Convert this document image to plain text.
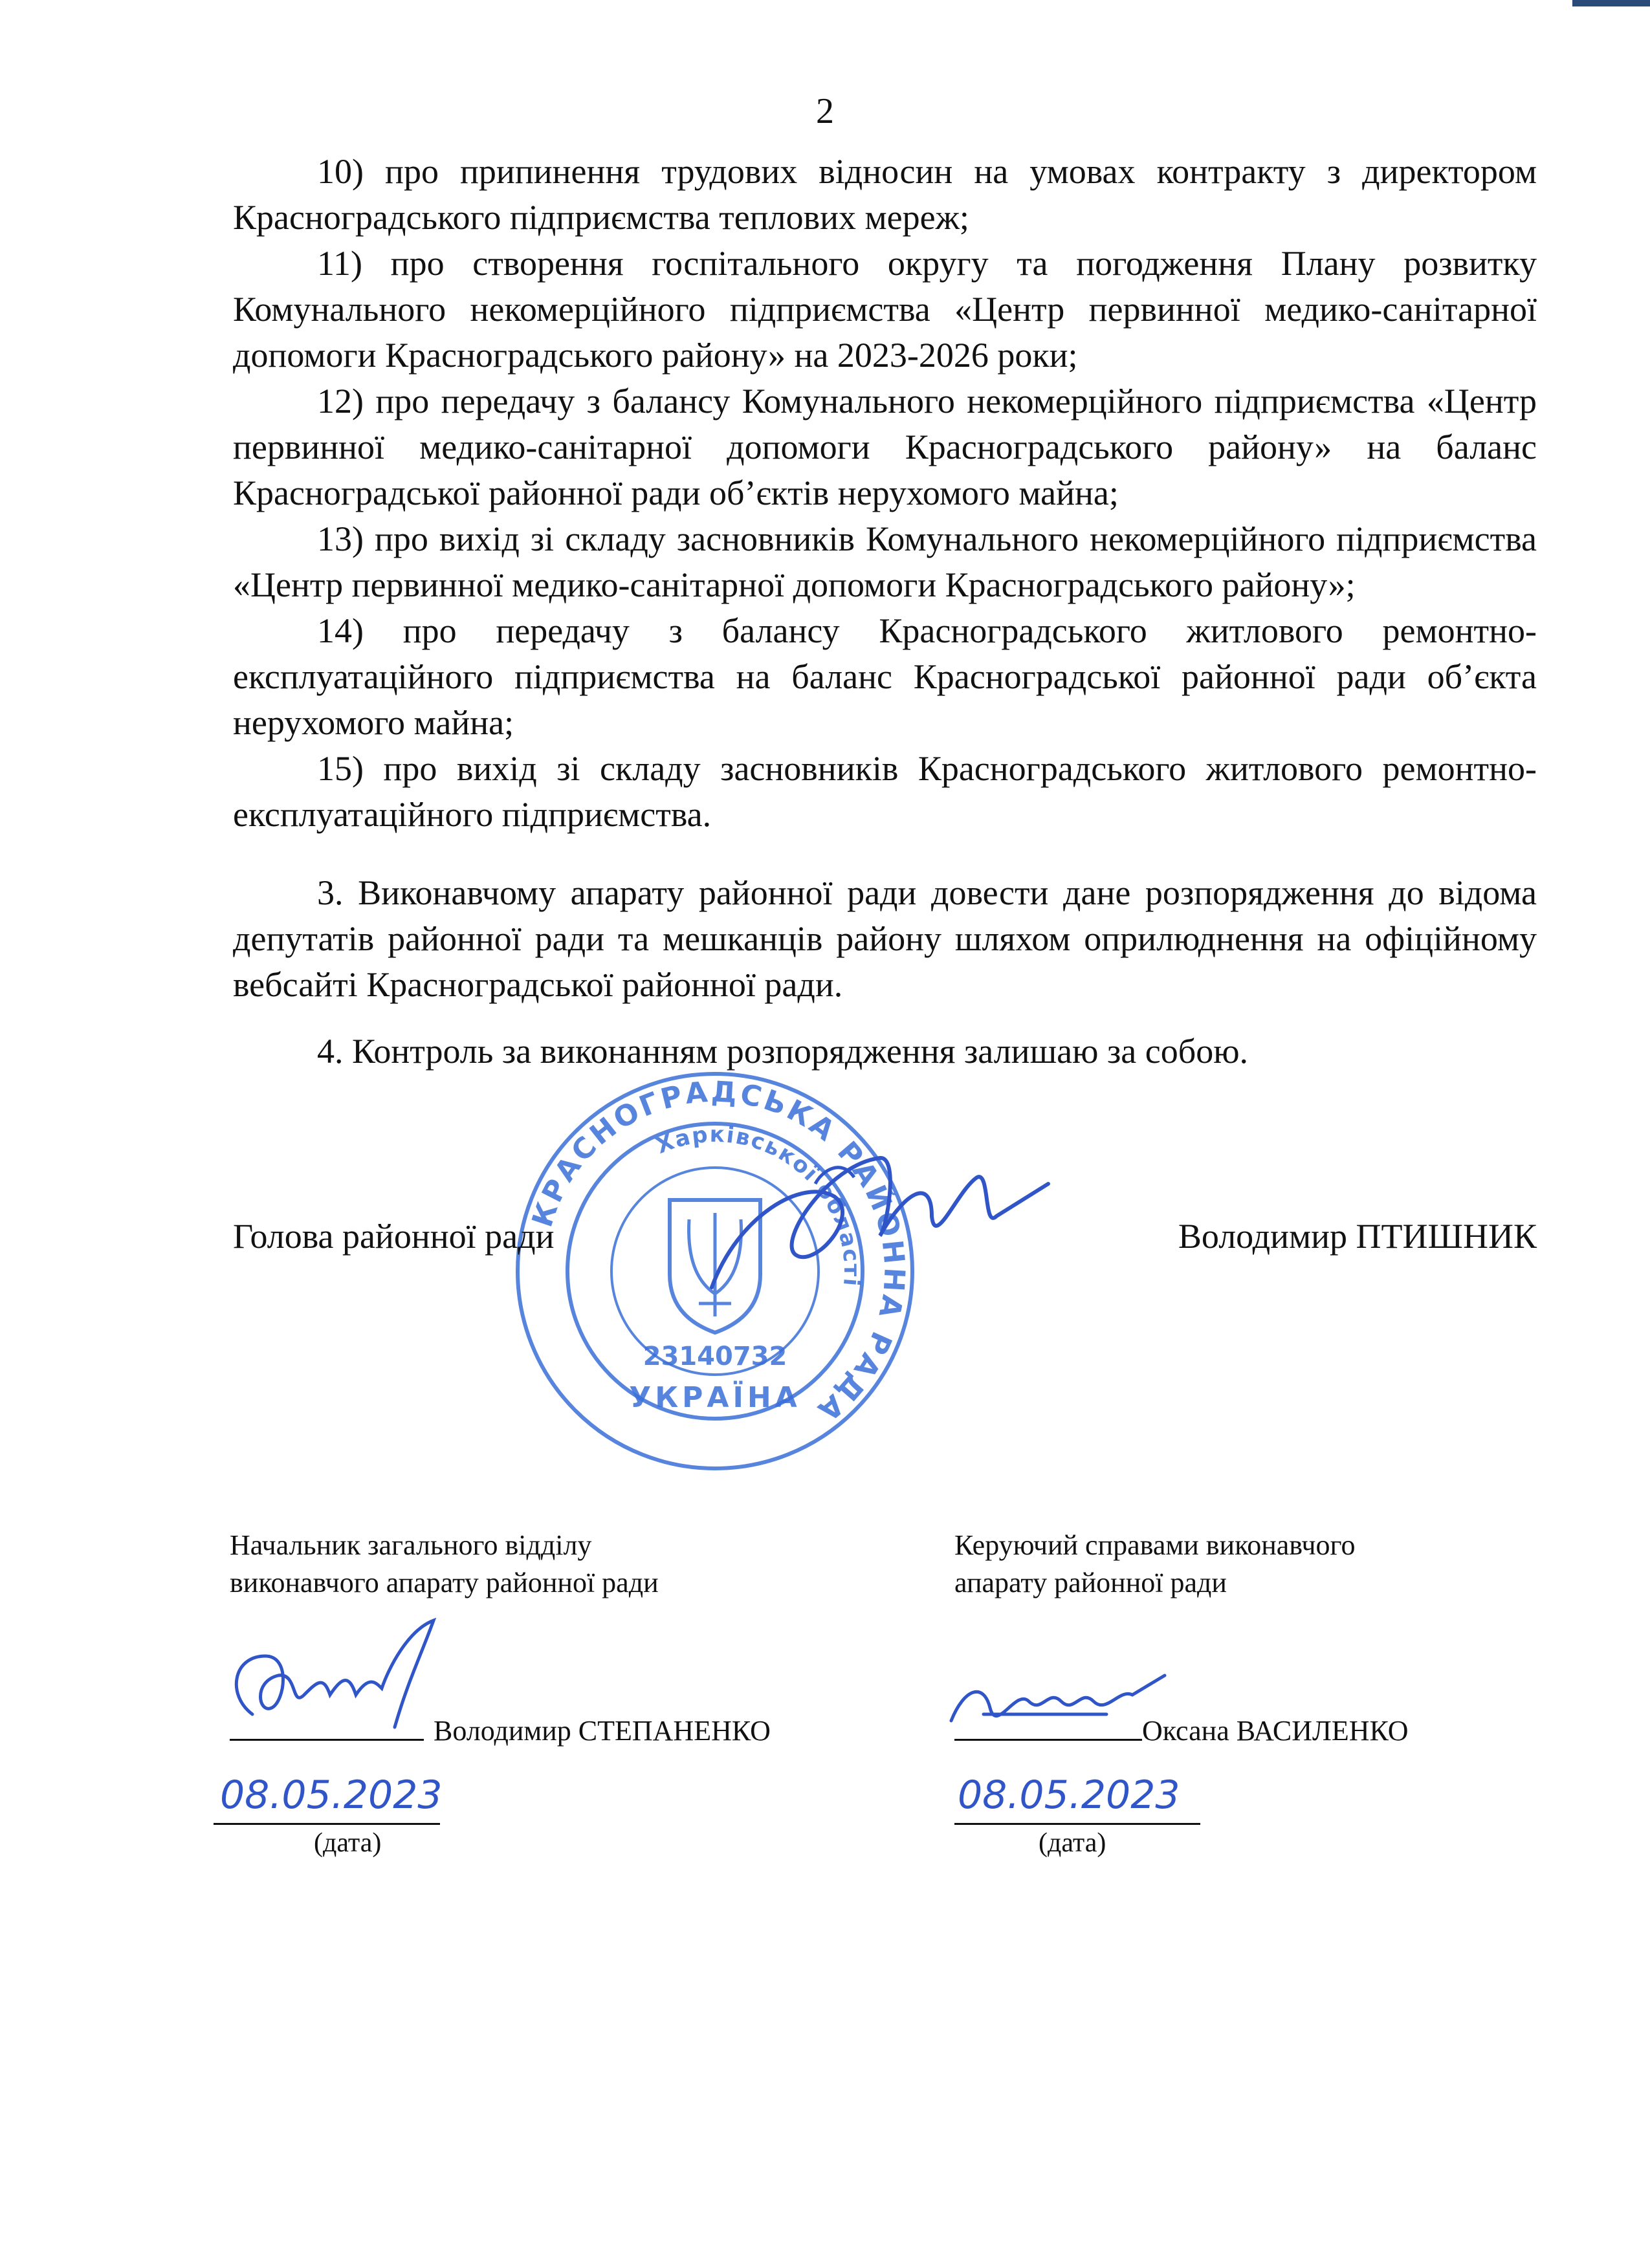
2

10) про припинення трудових відносин на умовах контракту з директором Красноградського підприємства теплових мереж;

11) про створення госпітального округу та погодження Плану розвитку Комунального некомерційного підприємства «Центр первинної медико-санітарної допомоги Красноградського району» на 2023-2026 роки;

12) про передачу з балансу Комунального некомерційного підприємства «Центр первинної медико-санітарної допомоги Красноградського району» на баланс Красноградської районної ради об’єктів нерухомого майна;

13) про вихід зі складу засновників Комунального некомерційного підприємства «Центр первинної медико-санітарної допомоги Красноградського району»;

14) про передачу з балансу Красноградського житлового ремонтно-експлуатаційного підприємства на баланс Красноградської районної ради об’єкта нерухомого майна;

15) про вихід зі складу засновників Красноградського житлового ремонтно-експлуатаційного підприємства.

3. Виконавчому апарату районної ради довести дане розпорядження до відома депутатів районної ради та мешканців району шляхом оприлюднення на офіційному вебсайті Красноградської районної ради.

4. Контроль за виконанням розпорядження залишаю за собою.

КРАСНОГРАДСЬКА РАЙОННА РАДА
Харківської області
23140732
УКРАЇНА
Голова районної ради	Володимир ПТИШНИК

Начальник загального відділу

виконавчого апарату районної ради

Володимир СТЕПАНЕНКО
08.05.2023
(дата)

Керуючий справами виконавчого

апарату районної ради

Оксана ВАСИЛЕНКО
08.05.2023
(дата)
